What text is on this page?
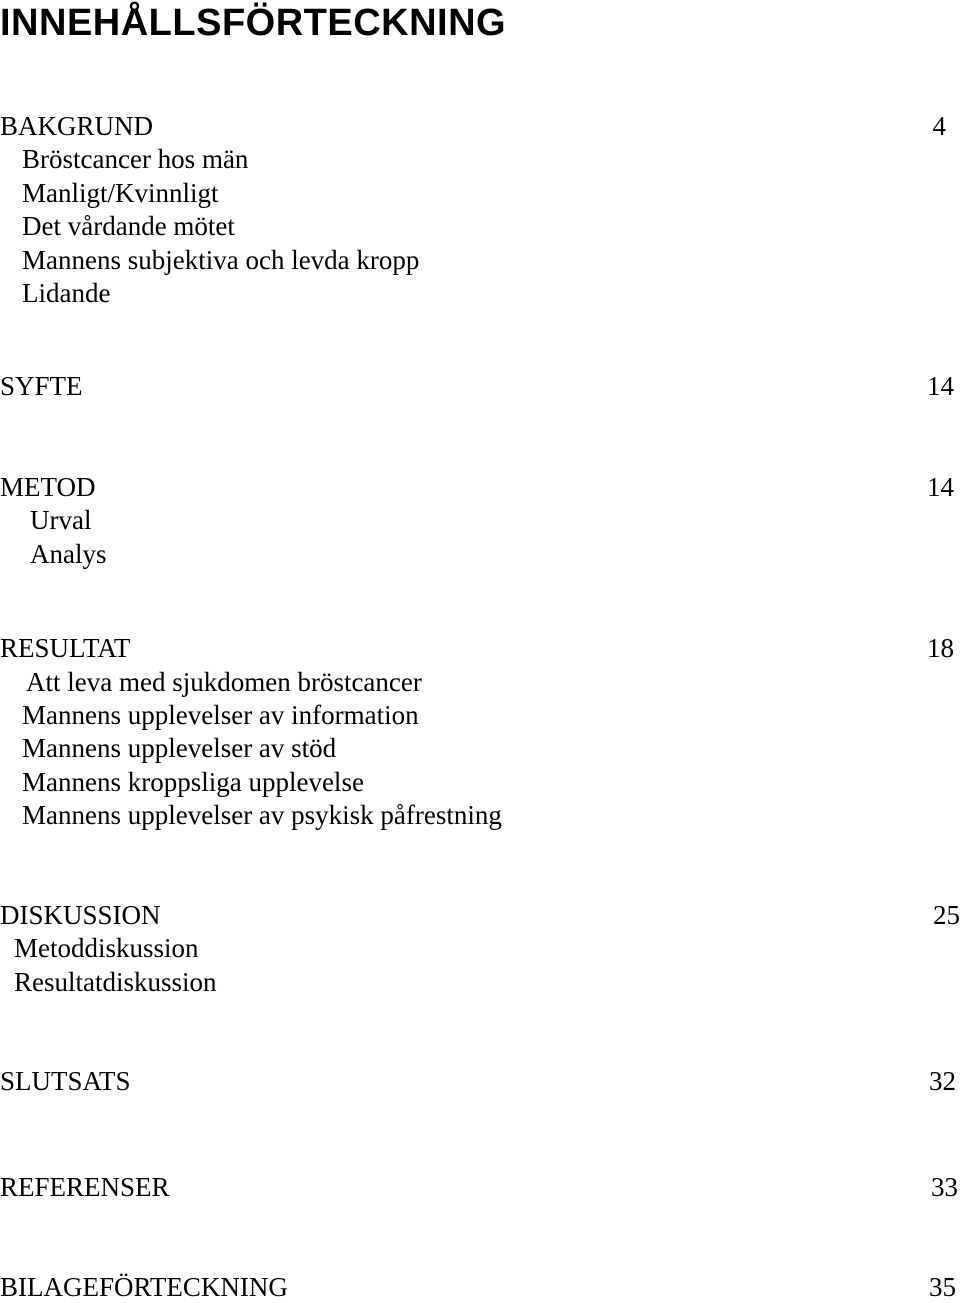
INNEHÅLLSFÖRTECKNING
BAKGRUND	4
Bröstcancer hos män
Manligt/Kvinnligt
Det vårdande mötet
Mannens subjektiva och levda kropp
Lidande
SYFTE	14
METOD	14
Urval
Analys
RESULTAT	18
Att leva med sjukdomen bröstcancer
Mannens upplevelser av information
Mannens upplevelser av stöd
Mannens kroppsliga upplevelse
Mannens upplevelser av psykisk påfrestning
DISKUSSION	25
Metoddiskussion
Resultatdiskussion
SLUTSATS	32
REFERENSER	33
BILAGEFÖRTECKNING	35
